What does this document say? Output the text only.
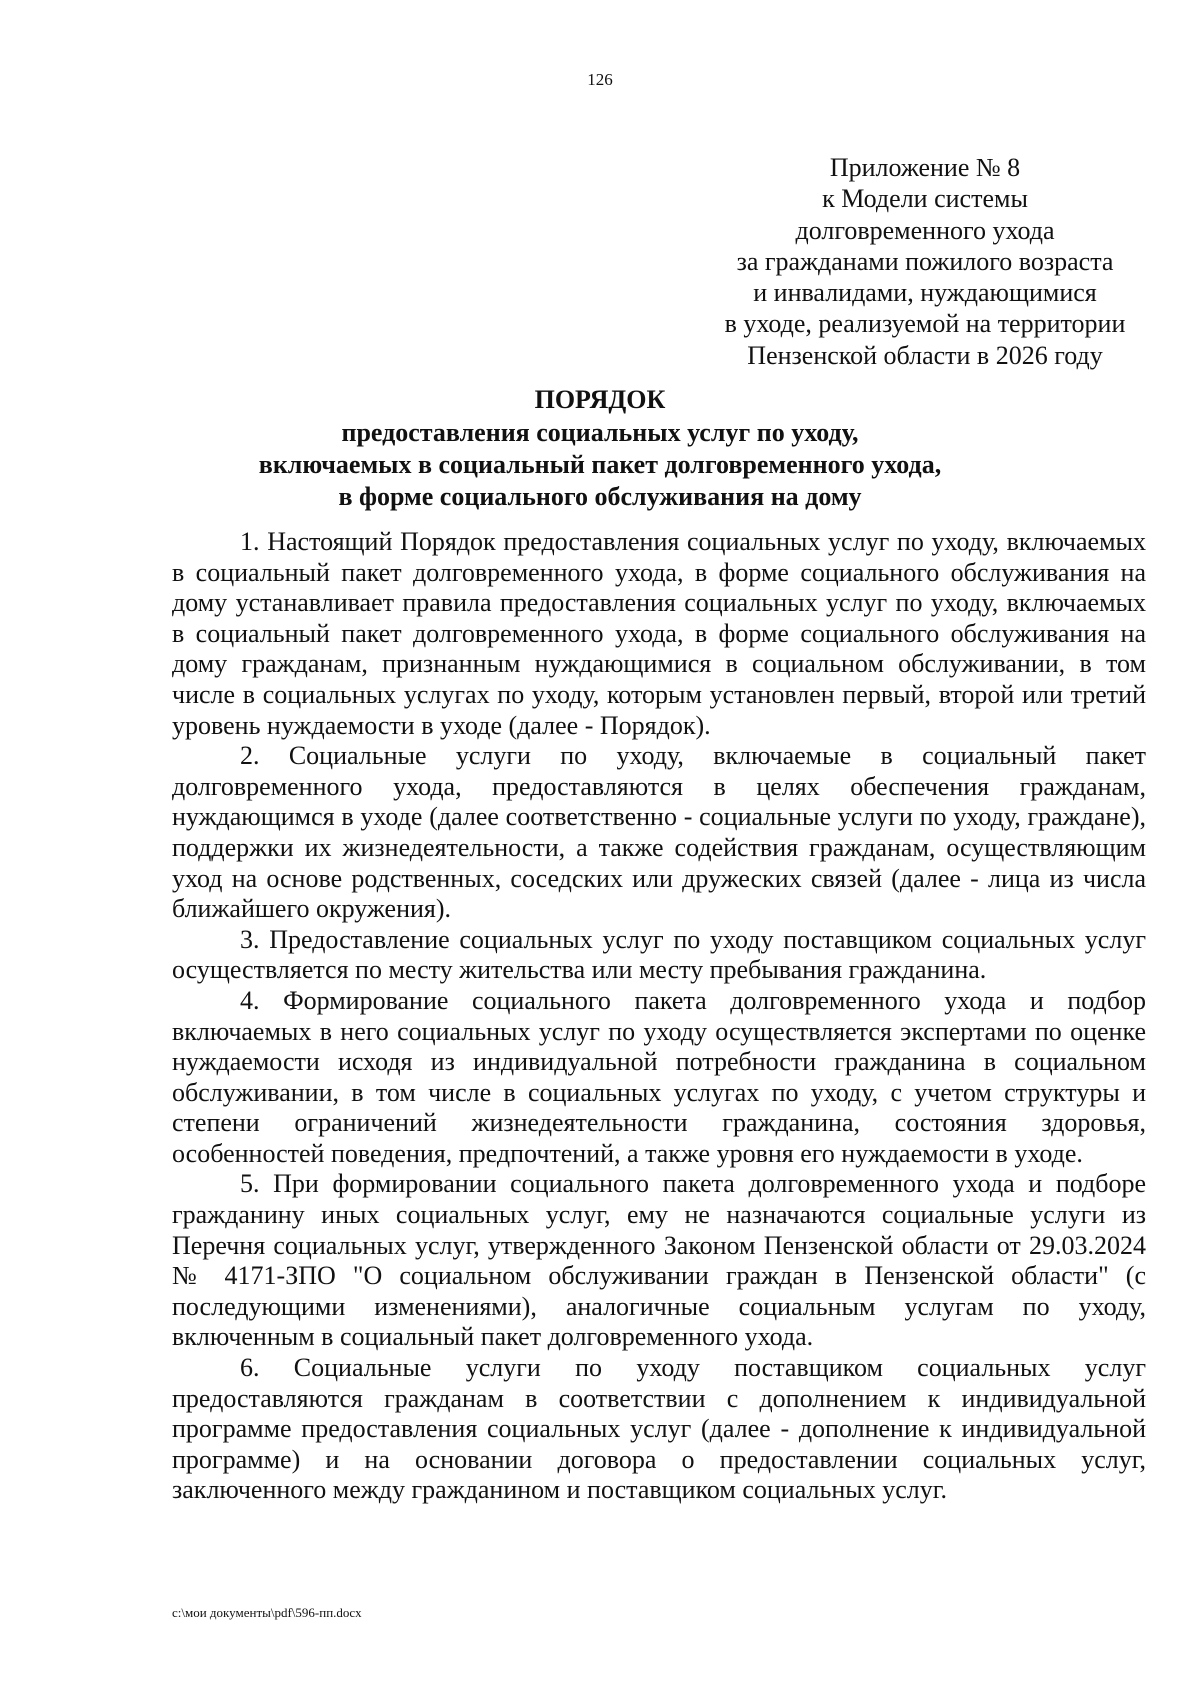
126
Приложение № 8
к Модели системы
долговременного ухода
за гражданами пожилого возраста
и инвалидами, нуждающимися
в уходе, реализуемой на территории
Пензенской области в 2026 году
ПОРЯДОК
предоставления социальных услуг по уходу,
включаемых в социальный пакет долговременного ухода,
в форме социального обслуживания на дому

1. Настоящий Порядок предоставления социальных услуг по уходу, включаемых в социальный пакет долговременного ухода, в форме социального обслуживания на дому устанавливает правила предоставления социальных услуг по уходу, включаемых в социальный пакет долговременного ухода, в форме социального обслуживания на дому гражданам, признанным нуждающимися в социальном обслуживании, в том числе в социальных услугах по уходу, которым установлен первый, второй или третий уровень нуждаемости в уходе (далее - Порядок).

2. Социальные услуги по уходу, включаемые в социальный пакет долговременного ухода, предоставляются в целях обеспечения гражданам, нуждающимся в уходе (далее соответственно - социальные услуги по уходу, граждане), поддержки их жизнедеятельности, а также содействия гражданам, осуществляющим уход на основе родственных, соседских или дружеских связей (далее - лица из числа ближайшего окружения).

3. Предоставление социальных услуг по уходу поставщиком социальных услуг осуществляется по месту жительства или месту пребывания гражданина.

4. Формирование социального пакета долговременного ухода и подбор включаемых в него социальных услуг по уходу осуществляется экспертами по оценке нуждаемости исходя из индивидуальной потребности гражданина в социальном обслуживании, в том числе в социальных услугах по уходу, с учетом структуры и степени ограничений жизнедеятельности гражданина, состояния здоровья, особенностей поведения, предпочтений, а также уровня его нуждаемости в уходе.

5. При формировании социального пакета долговременного ухода и подборе гражданину иных социальных услуг, ему не назначаются социальные услуги из Перечня социальных услуг, утвержденного Законом Пензенской области от 29.03.2024 № 4171-ЗПО "О социальном обслуживании граждан в Пензенской области" (с последующими изменениями), аналогичные социальным услугам по уходу, включенным в социальный пакет долговременного ухода.

6. Социальные услуги по уходу поставщиком социальных услуг предоставляются гражданам в соответствии с дополнением к индивидуальной программе предоставления социальных услуг (далее - дополнение к индивидуальной программе) и на основании договора о предоставлении социальных услуг, заключенного между гражданином и поставщиком социальных услуг.

c:\мои документы\pdf\596-пп.docx
